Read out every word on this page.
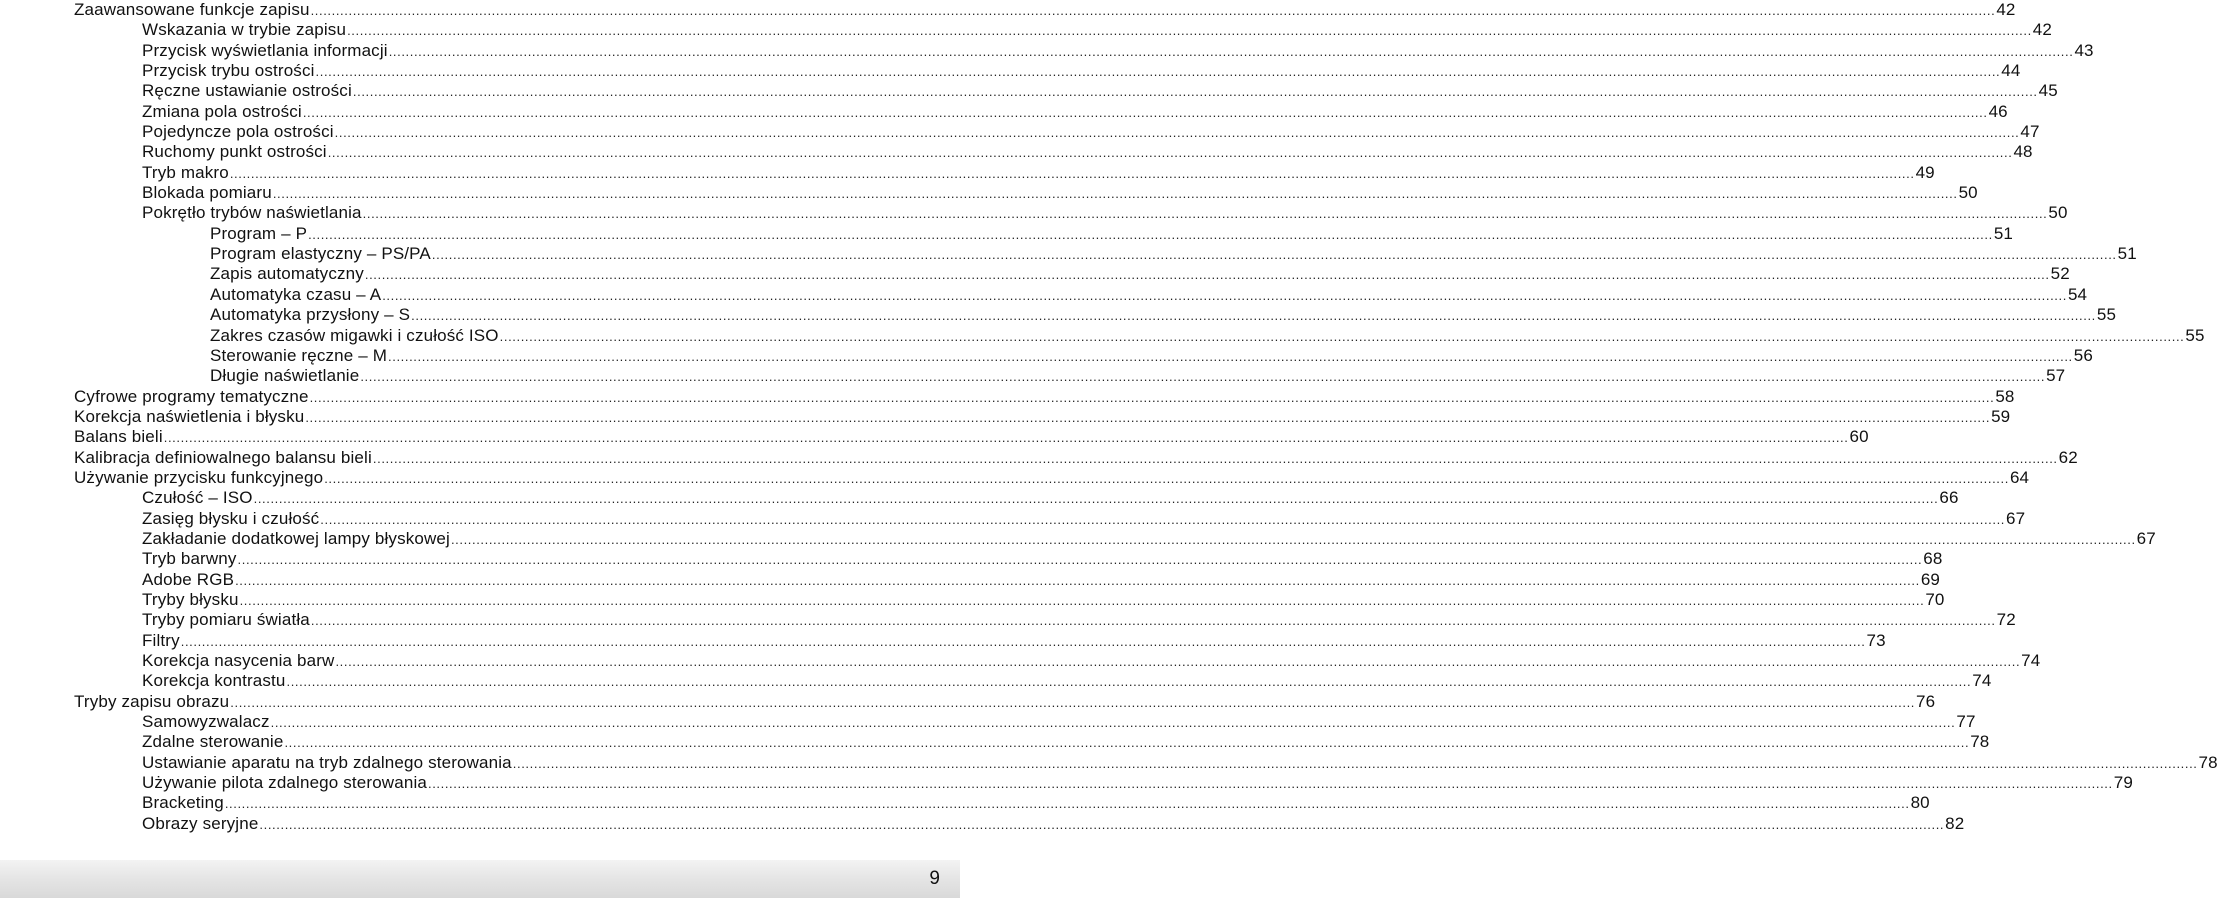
Zaawansowane funkcje zapisu ................................................................................................................................................................................................................................................................................................................................................................................................................ 42
Wskazania w trybie zapisu ................................................................................................................................................................................................................................................................................................................................................................................................................ 42
Przycisk wyświetlania informacji ................................................................................................................................................................................................................................................................................................................................................................................................................ 43
Przycisk trybu ostrości ................................................................................................................................................................................................................................................................................................................................................................................................................ 44
Ręczne ustawianie ostrości ................................................................................................................................................................................................................................................................................................................................................................................................................ 45
Zmiana pola ostrości ................................................................................................................................................................................................................................................................................................................................................................................................................ 46
Pojedyncze pola ostrości ................................................................................................................................................................................................................................................................................................................................................................................................................ 47
Ruchomy punkt ostrości ................................................................................................................................................................................................................................................................................................................................................................................................................ 48
Tryb makro ................................................................................................................................................................................................................................................................................................................................................................................................................ 49
Blokada pomiaru ................................................................................................................................................................................................................................................................................................................................................................................................................ 50
Pokrętło trybów naświetlania ................................................................................................................................................................................................................................................................................................................................................................................................................ 50
Program – P ................................................................................................................................................................................................................................................................................................................................................................................................................ 51
Program elastyczny – PS/PA ................................................................................................................................................................................................................................................................................................................................................................................................................ 51
Zapis automatyczny ................................................................................................................................................................................................................................................................................................................................................................................................................ 52
Automatyka czasu – A ................................................................................................................................................................................................................................................................................................................................................................................................................ 54
Automatyka przysłony – S ................................................................................................................................................................................................................................................................................................................................................................................................................ 55
Zakres czasów migawki i czułość ISO ................................................................................................................................................................................................................................................................................................................................................................................................................ 55
Sterowanie ręczne – M ................................................................................................................................................................................................................................................................................................................................................................................................................ 56
Długie naświetlanie ................................................................................................................................................................................................................................................................................................................................................................................................................ 57
Cyfrowe programy tematyczne ................................................................................................................................................................................................................................................................................................................................................................................................................ 58
Korekcja naświetlenia i błysku ................................................................................................................................................................................................................................................................................................................................................................................................................ 59
Balans bieli ................................................................................................................................................................................................................................................................................................................................................................................................................ 60
Kalibracja definiowalnego balansu bieli ................................................................................................................................................................................................................................................................................................................................................................................................................ 62
Używanie przycisku funkcyjnego ................................................................................................................................................................................................................................................................................................................................................................................................................ 64
Czułość – ISO ................................................................................................................................................................................................................................................................................................................................................................................................................ 66
Zasięg błysku i czułość ................................................................................................................................................................................................................................................................................................................................................................................................................ 67
Zakładanie dodatkowej lampy błyskowej ................................................................................................................................................................................................................................................................................................................................................................................................................ 67
Tryb barwny ................................................................................................................................................................................................................................................................................................................................................................................................................ 68
Adobe RGB ................................................................................................................................................................................................................................................................................................................................................................................................................ 69
Tryby błysku ................................................................................................................................................................................................................................................................................................................................................................................................................ 70
Tryby pomiaru światła ................................................................................................................................................................................................................................................................................................................................................................................................................ 72
Filtry ................................................................................................................................................................................................................................................................................................................................................................................................................ 73
Korekcja nasycenia barw ................................................................................................................................................................................................................................................................................................................................................................................................................ 74
Korekcja kontrastu ................................................................................................................................................................................................................................................................................................................................................................................................................ 74
Tryby zapisu obrazu ................................................................................................................................................................................................................................................................................................................................................................................................................ 76
Samowyzwalacz ................................................................................................................................................................................................................................................................................................................................................................................................................ 77
Zdalne sterowanie ................................................................................................................................................................................................................................................................................................................................................................................................................ 78
Ustawianie aparatu na tryb zdalnego sterowania ................................................................................................................................................................................................................................................................................................................................................................................................................ 78
Używanie pilota zdalnego sterowania ................................................................................................................................................................................................................................................................................................................................................................................................................ 79
Bracketing ................................................................................................................................................................................................................................................................................................................................................................................................................ 80
Obrazy seryjne ................................................................................................................................................................................................................................................................................................................................................................................................................ 82
9
